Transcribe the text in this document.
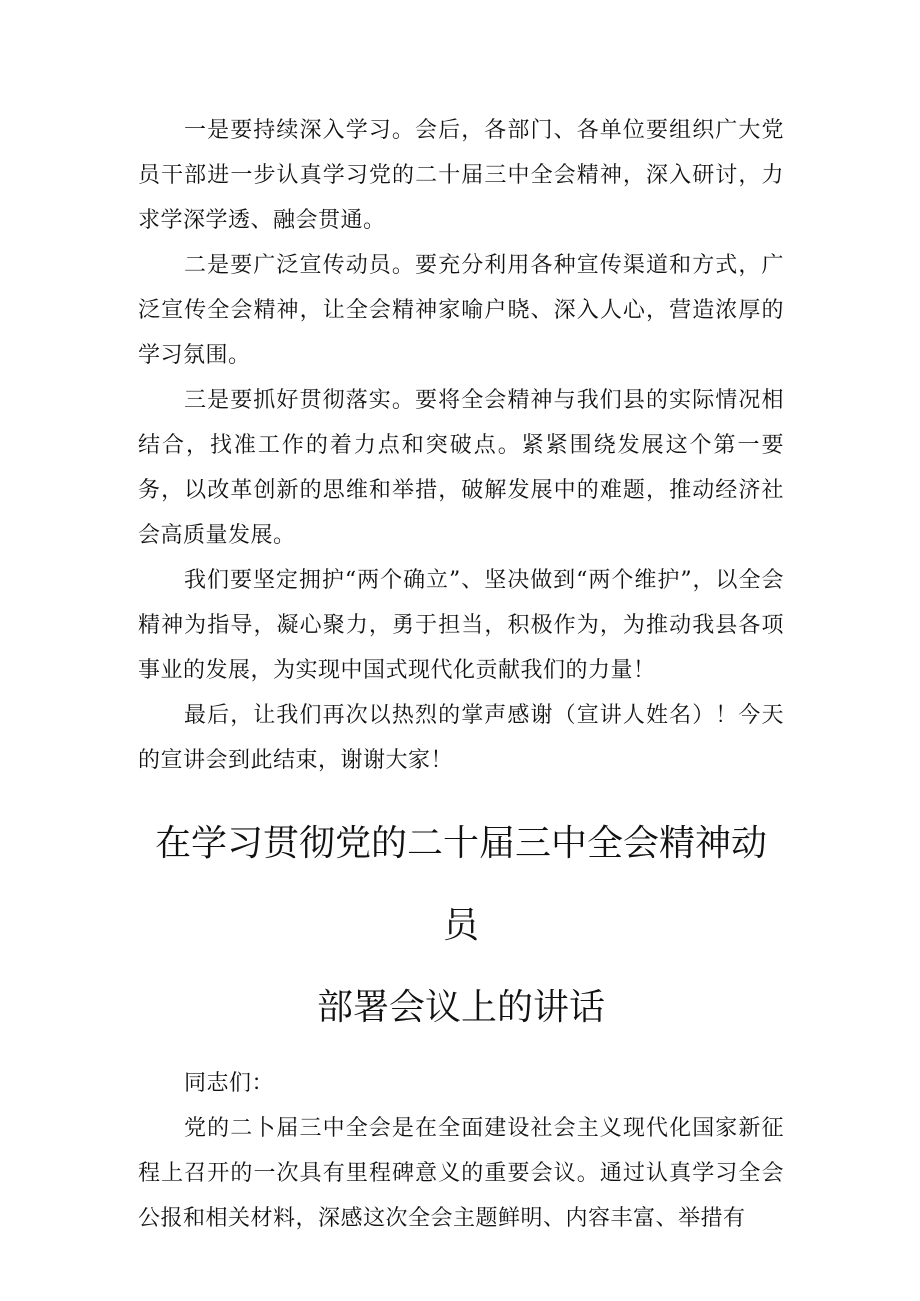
一是要持续深入学习。会后，各部门、各单位要组织广大党员干部进一步认真学习党的二十届三中全会精神，深入研讨，力求学深学透、融会贯通。

二是要广泛宣传动员。要充分利用各种宣传渠道和方式，广泛宣传全会精神，让全会精神家喻户晓、深入人心，营造浓厚的学习氛围。

三是要抓好贯彻落实。要将全会精神与我们县的实际情况相结合，找准工作的着力点和突破点。紧紧围绕发展这个第一要务，以改革创新的思维和举措，破解发展中的难题，推动经济社会高质量发展。

我们要坚定拥护“两个确立”、坚决做到“两个维护”，以全会精神为指导，凝心聚力，勇于担当，积极作为，为推动我县各项事业的发展，为实现中国式现代化贡献我们的力量！

最后，让我们再次以热烈的掌声感谢（宣讲人姓名）！今天的宣讲会到此结束，谢谢大家！

在学习贯彻党的二十届三中全会精神动员
部署会议上的讲话

同志们：

党的二卜届三中全会是在全面建设社会主义现代化国家新征程上召开的一次具有里程碑意义的重要会议。通过认真学习全会公报和相关材料，深感这次全会主题鲜明、内容丰富、举措有
